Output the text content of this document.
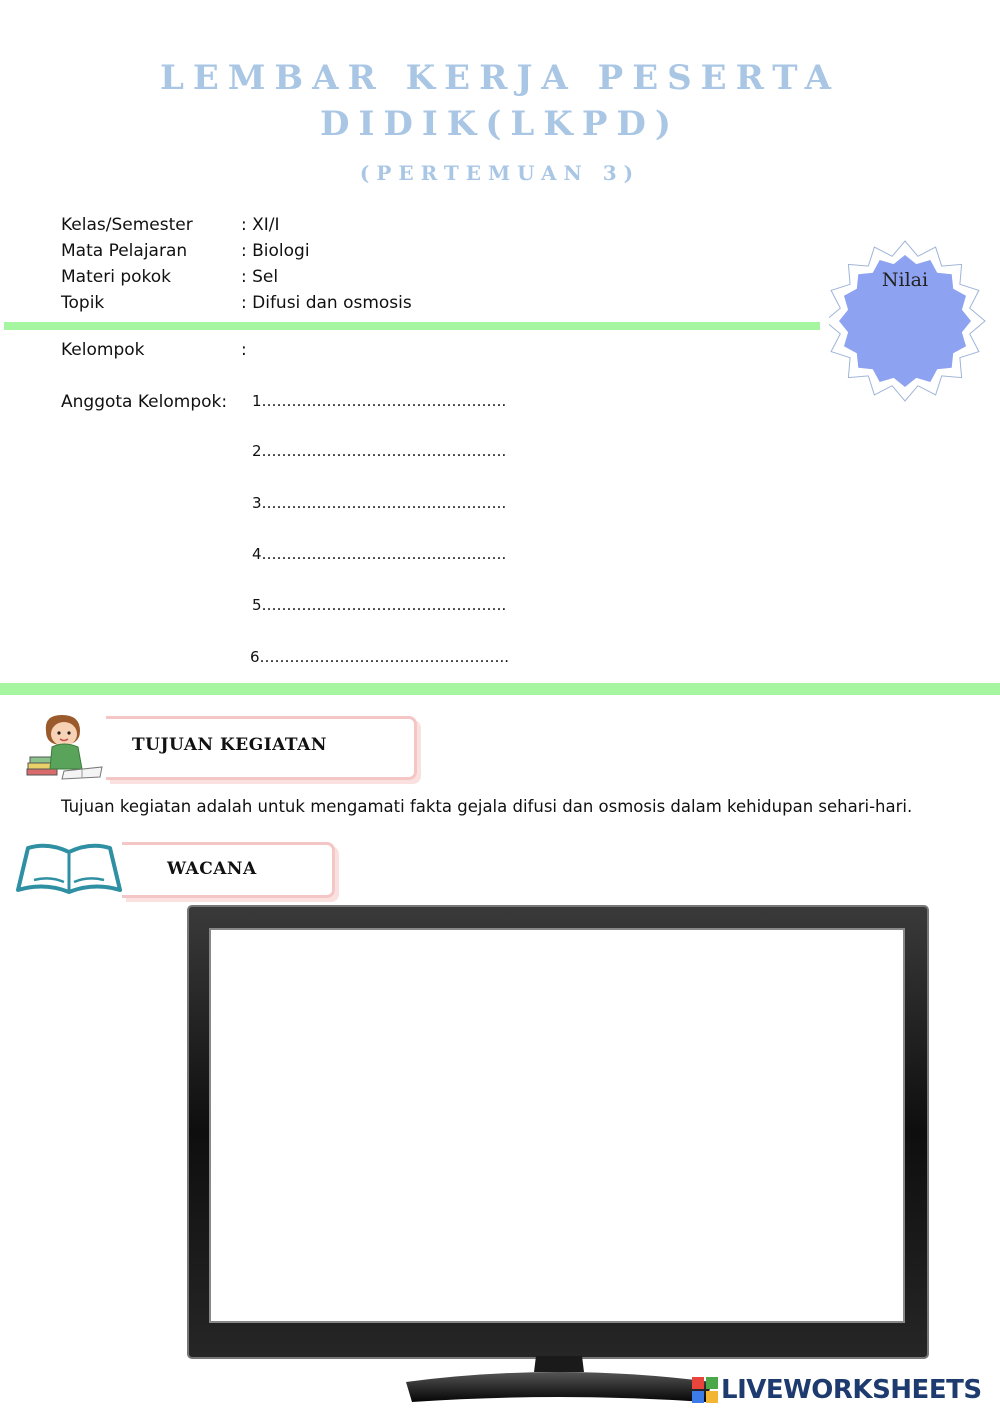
LEMBAR KERJA PESERTA
DIDIK(LKPD)
(PERTEMUAN 3)
Kelas/Semester	: XI/I
Mata Pelajaran	: Biologi
Materi pokok	: Sel
Topik	: Difusi dan osmosis
Nilai
Kelompok	:
Anggota Kelompok: 1………………………………………….
2………………………………………….
3………………………………………….
4………………………………………….
5………………………………………….
6…………………………………………..
TUJUAN KEGIATAN
Tujuan kegiatan adalah untuk mengamati fakta gejala difusi dan osmosis dalam kehidupan sehari-hari.
WACANA
LIVEWORKSHEETS
